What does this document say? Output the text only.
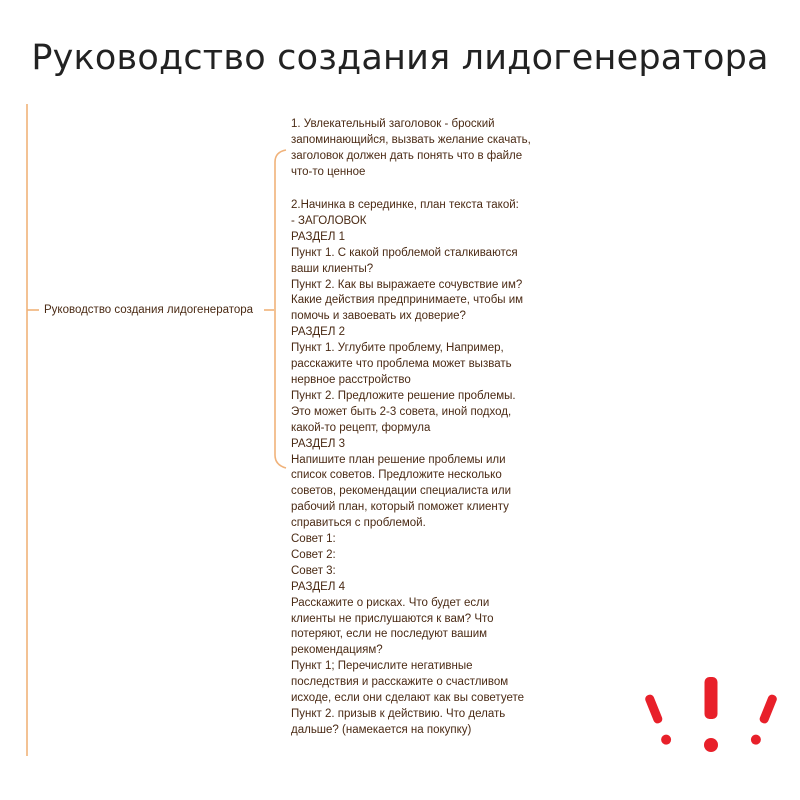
Руководство создания лидогенератора
Руководство создания лидогенератора
1. Увлекательный заголовок - броский
запоминающийся, вызвать желание скачать,
заголовок должен дать понять что в файле
что-то ценное
2.Начинка в серединке, план текста такой:
- ЗАГОЛОВОК
РАЗДЕЛ 1
Пункт 1. С какой проблемой сталкиваются
ваши клиенты?
Пункт 2. Как вы выражаете сочувствие им?
Какие действия предпринимаете, чтобы им
помочь и завоевать их доверие?
РАЗДЕЛ 2
Пункт 1. Углубите проблему, Например,
расскажите что проблема может вызвать
нервное расстройство
Пункт 2. Предложите решение проблемы.
Это может быть 2-3 совета, иной подход,
какой-то рецепт, формула
РАЗДЕЛ 3
Напишите план решение проблемы или
список советов. Предложите несколько
советов, рекомендации специалиста или
рабочий план, который поможет клиенту
справиться с проблемой.
Совет 1:
Совет 2:
Совет 3:
РАЗДЕЛ 4
Расскажите о рисках. Что будет если
клиенты не прислушаются к вам? Что
потеряют, если не последуют вашим
рекомендациям?
Пункт 1; Перечислите негативные
последствия и расскажите о счастливом
исходе, если они сделают как вы советуете
Пункт 2. призыв к действию. Что делать
дальше? (намекается на покупку)
